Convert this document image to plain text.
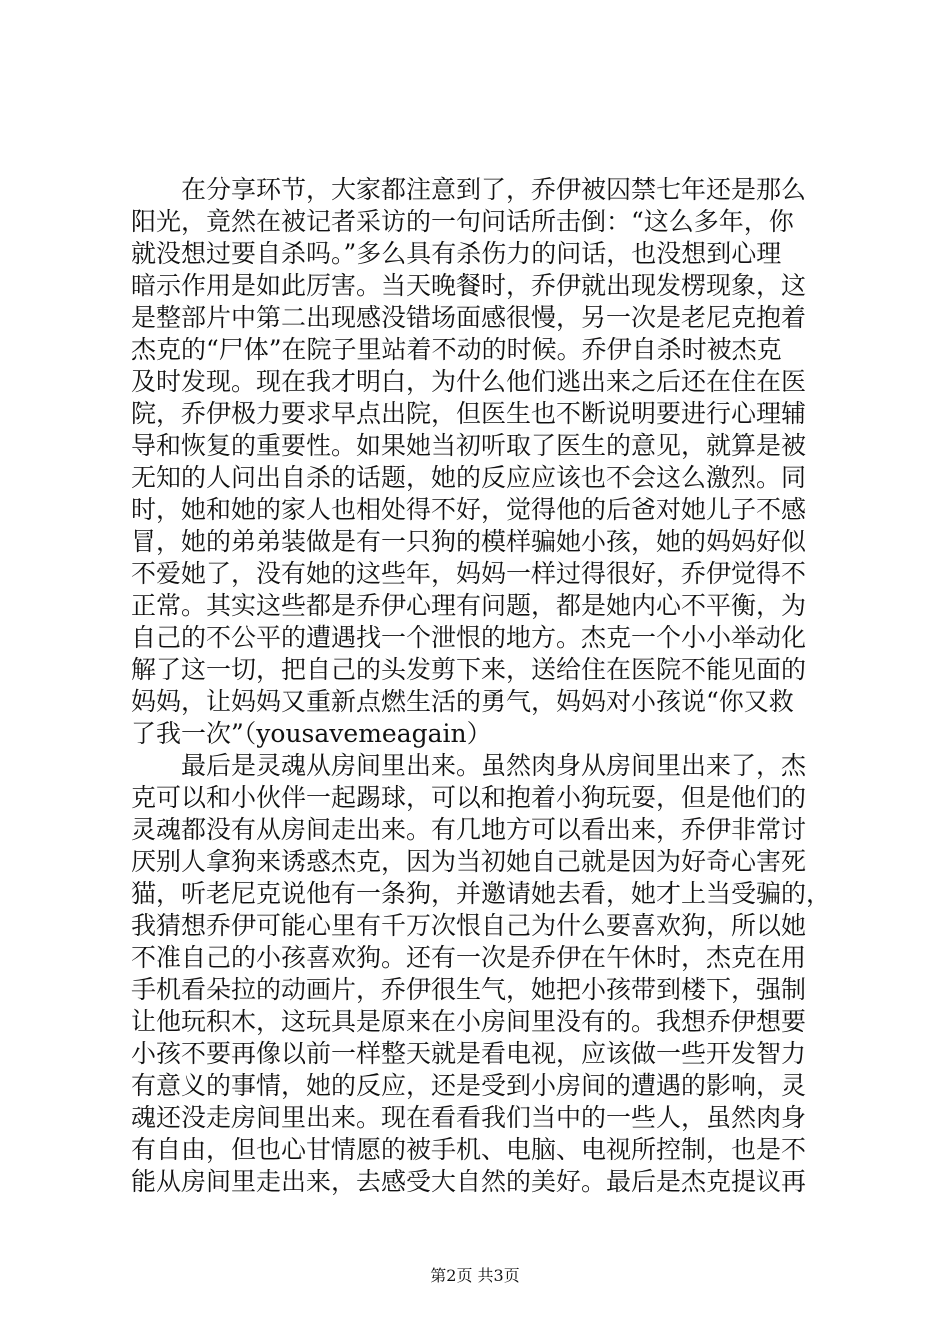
在分享环节，大家都注意到了，乔伊被囚禁七年还是那么
阳光，竟然在被记者采访的一句问话所击倒：“这么多年，你
就没想过要自杀吗。”多么具有杀伤力的问话，也没想到心理
暗示作用是如此厉害。当天晚餐时，乔伊就出现发楞现象，这
是整部片中第二出现感没错场面感很慢，另一次是老尼克抱着
杰克的“尸体”在院子里站着不动的时候。乔伊自杀时被杰克
及时发现。现在我才明白，为什么他们逃出来之后还在住在医
院，乔伊极力要求早点出院，但医生也不断说明要进行心理辅
导和恢复的重要性。如果她当初听取了医生的意见，就算是被
无知的人问出自杀的话题，她的反应应该也不会这么激烈。同
时，她和她的家人也相处得不好，觉得他的后爸对她儿子不感
冒，她的弟弟装做是有一只狗的模样骗她小孩，她的妈妈好似
不爱她了，没有她的这些年，妈妈一样过得很好，乔伊觉得不
正常。其实这些都是乔伊心理有问题，都是她内心不平衡，为
自己的不公平的遭遇找一个泄恨的地方。杰克一个小小举动化
解了这一切，把自己的头发剪下来，送给住在医院不能见面的
妈妈，让妈妈又重新点燃生活的勇气，妈妈对小孩说“你又救
了我一次”（yousavemeagain）
最后是灵魂从房间里出来。虽然肉身从房间里出来了，杰
克可以和小伙伴一起踢球，可以和抱着小狗玩耍，但是他们的
灵魂都没有从房间走出来。有几地方可以看出来，乔伊非常讨
厌别人拿狗来诱惑杰克，因为当初她自己就是因为好奇心害死
猫，听老尼克说他有一条狗，并邀请她去看，她才上当受骗的，
我猜想乔伊可能心里有千万次恨自己为什么要喜欢狗，所以她
不准自己的小孩喜欢狗。还有一次是乔伊在午休时，杰克在用
手机看朵拉的动画片，乔伊很生气，她把小孩带到楼下，强制
让他玩积木，这玩具是原来在小房间里没有的。我想乔伊想要
小孩不要再像以前一样整天就是看电视，应该做一些开发智力
有意义的事情，她的反应，还是受到小房间的遭遇的影响，灵
魂还没走房间里出来。现在看看我们当中的一些人，虽然肉身
有自由，但也心甘情愿的被手机、电脑、电视所控制，也是不
能从房间里走出来，去感受大自然的美好。最后是杰克提议再
第2页 共3页
